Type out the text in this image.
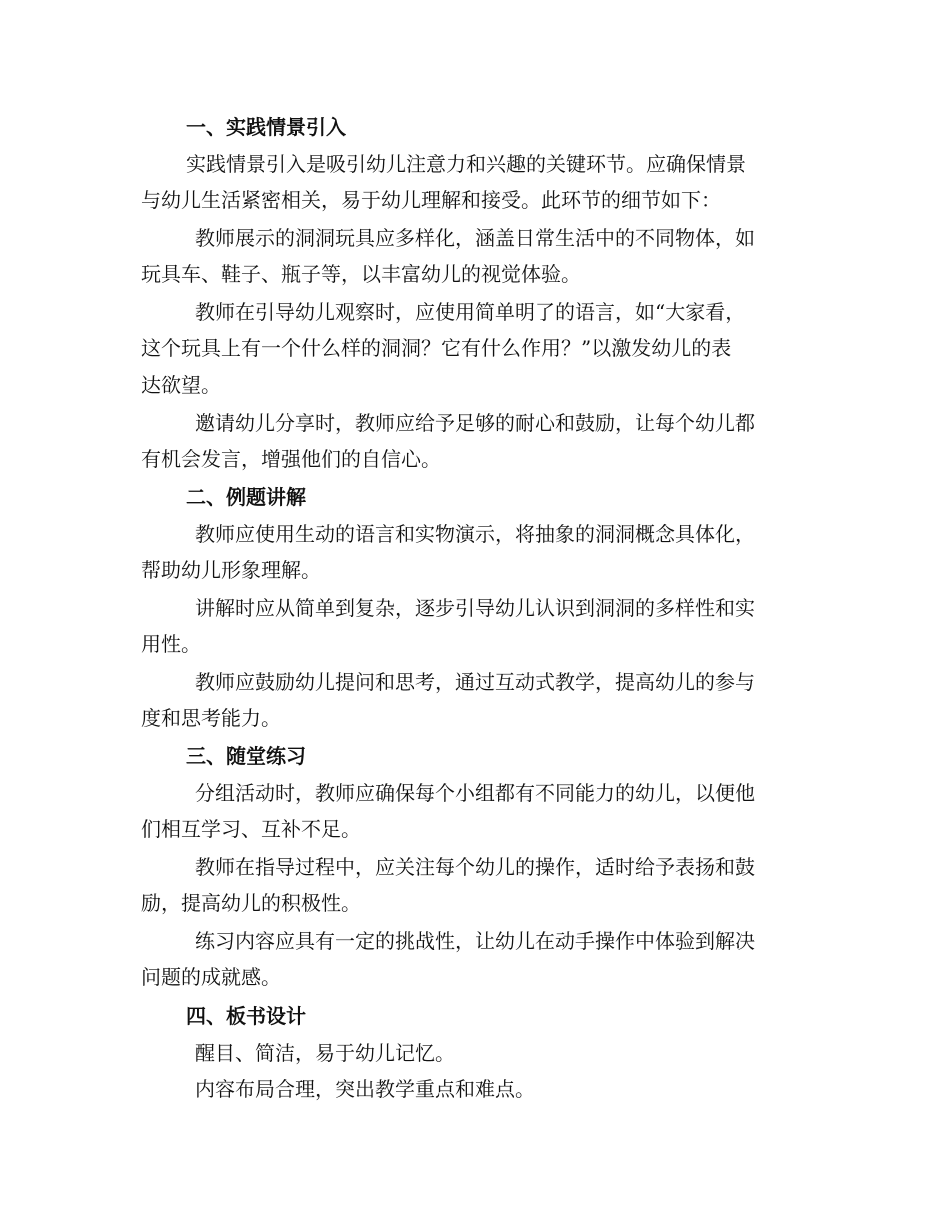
一、实践情景引入
实践情景引入是吸引幼儿注意力和兴趣的关键环节。应确保情景
与幼儿生活紧密相关，易于幼儿理解和接受。此环节的细节如下：
教师展示的洞洞玩具应多样化，涵盖日常生活中的不同物体，如
玩具车、鞋子、瓶子等，以丰富幼儿的视觉体验。
教师在引导幼儿观察时，应使用简单明了的语言，如“大家看，
这个玩具上有一个什么样的洞洞？它有什么作用？”以激发幼儿的表
达欲望。
邀请幼儿分享时，教师应给予足够的耐心和鼓励，让每个幼儿都
有机会发言，增强他们的自信心。
二、例题讲解
教师应使用生动的语言和实物演示，将抽象的洞洞概念具体化，
帮助幼儿形象理解。
讲解时应从简单到复杂，逐步引导幼儿认识到洞洞的多样性和实
用性。
教师应鼓励幼儿提问和思考，通过互动式教学，提高幼儿的参与
度和思考能力。
三、随堂练习
分组活动时，教师应确保每个小组都有不同能力的幼儿，以便他
们相互学习、互补不足。
教师在指导过程中，应关注每个幼儿的操作，适时给予表扬和鼓
励，提高幼儿的积极性。
练习内容应具有一定的挑战性，让幼儿在动手操作中体验到解决
问题的成就感。
四、板书设计
醒目、简洁，易于幼儿记忆。
内容布局合理，突出教学重点和难点。
